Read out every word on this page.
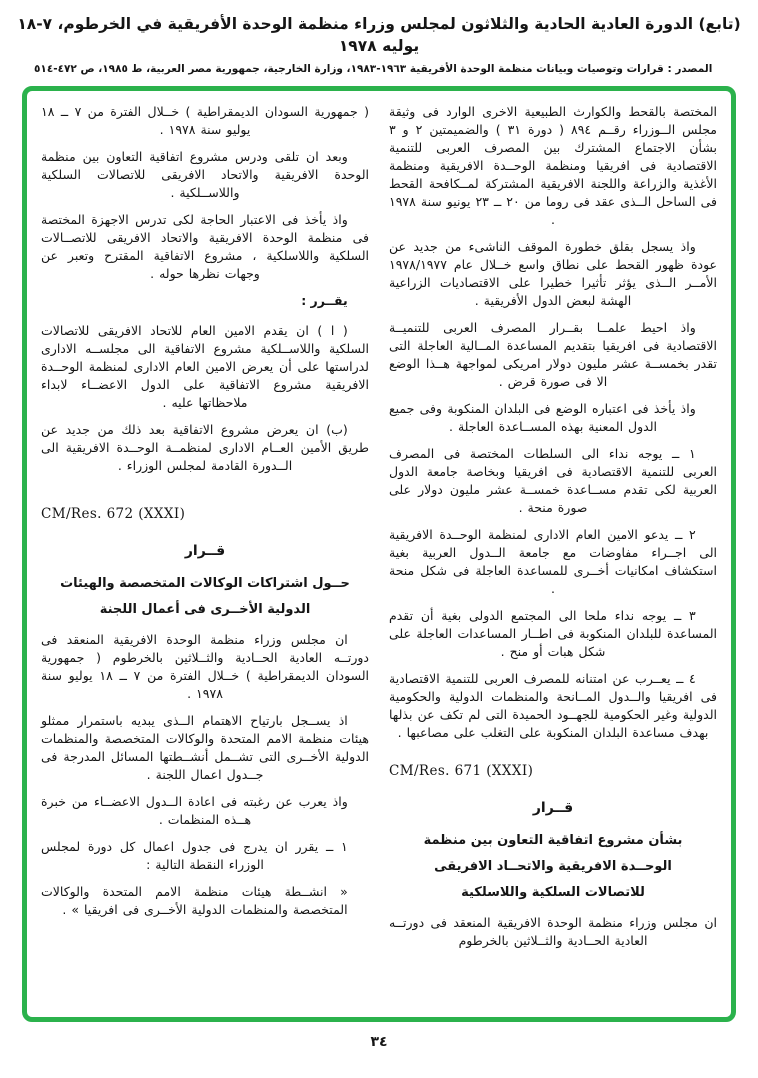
(تابع) الدورة العادية الحادية والثلاثون لمجلس وزراء منظمة الوحدة الأفريقية في الخرطوم، ٧-١٨ يوليه ١٩٧٨
المصدر : قرارات وتوصيات وبيانات منظمة الوحدة الأفريقية ١٩٦٣-١٩٨٣، وزارة الخارجية، جمهورية مصر العربية، ط ١٩٨٥، ص ٤٧٢-٥١٤

المختصة بالقحط والكوارث الطبيعية الاخرى الوارد فى وثيقة مجلس الــوزراء رقــم ٨٩٤ ( دورة ٣١ ) والضميمتين ٢ و ٣ بشأن الاجتماع المشترك بين المصرف العربى للتنمية الاقتصادية فى افريقيا ومنظمة الوحــدة الافريقية ومنظمة الأغذية والزراعة واللجنة الافريقية المشتركة لمــكافحة القحط فى الساحل الــذى عقد فى روما من ٢٠ ــ ٢٣ يونيو سنة ١٩٧٨ .

واذ يسجل بقلق خطورة الموقف الناشىء من جديد عن عودة ظهور القحط على نطاق واسع خــلال عام ١٩٧٨/١٩٧٧ الأمــر الــذى يؤثر تأثيرا خطيرا على الاقتصاديات الزراعية الهشة لبعض الدول الأفريقية .

واذ احيط علمــا بقــرار المصرف العربى للتنميــة الاقتصادية فى افريقيا بتقديم المساعدة المــالية العاجلة التى تقدر بخمســة عشر مليون دولار امريكى لمواجهة هــذا الوضع الا فى صورة قرض .

واذ يأخذ فى اعتباره الوضع فى البلدان المنكوبة وفى جميع الدول المعنية بهذه المســاعدة العاجلة .

١ ــ يوجه نداء الى السلطات المختصة فى المصرف العربى للتنمية الاقتصادية فى افريقيا وبخاصة جامعة الدول العربية لكى تقدم مســاعدة خمســة عشر مليون دولار على صورة منحة .

٢ ــ يدعو الامين العام الادارى لمنظمة الوحــدة الافريقية الى اجــراء مفاوضات مع جامعة الــدول العربية بغية استكشاف امكانيات أخــرى للمساعدة العاجلة فى شكل منحة .

٣ ــ يوجه نداء ملحا الى المجتمع الدولى بغية أن تقدم المساعدة للبلدان المنكوبة فى اطــار المساعدات العاجلة على شكل هبات أو منح .

٤ ــ يعــرب عن امتنانه للمصرف العربى للتنمية الاقتصادية فى افريقيا والــدول المــانحة والمنظمات الدولية والحكومية الدولية وغير الحكومية للجهــود الحميدة التى لم تكف عن بذلها بهدف مساعدة البلدان المنكوبة على التغلب على مصاعبها .

CM/Res. 671 (XXXI)
قــرار
بشأن مشروع اتفاقية التعاون بين منظمة
الوحــدة الافريقية والاتحــاد الافريقى
للاتصالات السلكية واللاسلكية

ان مجلس وزراء منظمة الوحدة الافريقية المنعقد فى دورتــه العادية الحــادية والثــلاثين بالخرطوم

( جمهورية السودان الديمقراطية ) خــلال الفترة من ٧ ــ ١٨ يوليو سنة ١٩٧٨ .

وبعد ان تلقى ودرس مشروع اتفاقية التعاون بين منظمة الوحدة الافريقية والاتحاد الافريقى للاتصالات السلكية واللاســلكية .

واذ يأخذ فى الاعتبار الحاجة لكى تدرس الاجهزة المختصة فى منظمة الوحدة الافريقية والاتحاد الافريقى للاتصــالات السلكية واللاسلكية ، مشروع الاتفاقية المقترح وتعبر عن وجهات نظرها حوله .

يقــرر :

( ا ) ان يقدم الامين العام للاتحاد الافريقى للاتصالات السلكية واللاســلكية مشروع الاتفاقية الى مجلســه الادارى لدراستها على أن يعرض الامين العام الادارى لمنظمة الوحــدة الافريقية مشروع الاتفاقية على الدول الاعضــاء لابداء ملاحظاتها عليه .

(ب) ان يعرض مشروع الاتفاقية بعد ذلك من جديد عن طريق الأمين العــام الادارى لمنظمــة الوحــدة الافريقية الى الــدورة القادمة لمجلس الوزراء .

CM/Res. 672 (XXXI)
قــرار
حــول اشتراكات الوكالات المتخصصة والهيئات
الدولية الأخــرى فى أعمال اللجنة

ان مجلس وزراء منظمة الوحدة الافريقية المنعقد فى دورتــه العادية الحــادية والثــلاثين بالخرطوم ( جمهورية السودان الديمقراطية ) خــلال الفترة من ٧ ــ ١٨ يوليو سنة ١٩٧٨ .

اذ يســجل بارتياح الاهتمام الــذى يبديه باستمرار ممثلو هيئات منظمة الامم المتحدة والوكالات المتخصصة والمنظمات الدولية الأخــرى التى تشــمل أنشــطتها المسائل المدرجة فى جــدول اعمال اللجنة .

واذ يعرب عن رغبته فى اعادة الــدول الاعضــاء من خبرة هــذه المنظمات .

١ ــ يقرر ان يدرج فى جدول اعمال كل دورة لمجلس الوزراء النقطة التالية :

« انشــطة هيئات منظمة الامم المتحدة والوكالات المتخصصة والمنظمات الدولية الأخــرى فى افريقيا » .

٣٤
